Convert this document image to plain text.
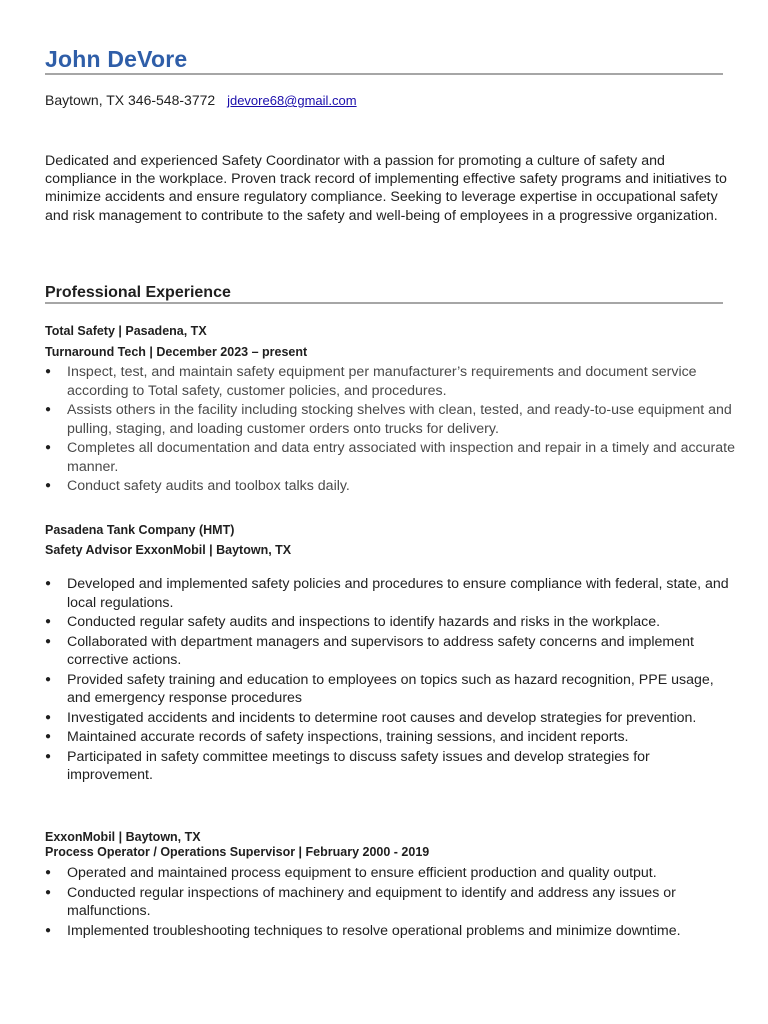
John DeVore
Baytown, TX 346-548-3772 jdevore68@gmail.com

Dedicated and experienced Safety Coordinator with a passion for promoting a culture of safety and compliance in the workplace. Proven track record of implementing effective safety programs and initiatives to minimize accidents and ensure regulatory compliance. Seeking to leverage expertise in occupational safety and risk management to contribute to the safety and well-being of employees in a progressive organization.

Professional Experience
Total Safety | Pasadena, TX
Turnaround Tech | December 2023 – present
● Inspect, test, and maintain safety equipment per manufacturer’s requirements and document service according to Total safety, customer policies, and procedures.
● Assists others in the facility including stocking shelves with clean, tested, and ready-to-use equipment and pulling, staging, and loading customer orders onto trucks for delivery.
● Completes all documentation and data entry associated with inspection and repair in a timely and accurate manner.
● Conduct safety audits and toolbox talks daily.
Pasadena Tank Company (HMT)
Safety Advisor ExxonMobil | Baytown, TX
● Developed and implemented safety policies and procedures to ensure compliance with federal, state, and local regulations.
● Conducted regular safety audits and inspections to identify hazards and risks in the workplace.
● Collaborated with department managers and supervisors to address safety concerns and implement corrective actions.
● Provided safety training and education to employees on topics such as hazard recognition, PPE usage, and emergency response procedures
● Investigated accidents and incidents to determine root causes and develop strategies for prevention.
● Maintained accurate records of safety inspections, training sessions, and incident reports.
● Participated in safety committee meetings to discuss safety issues and develop strategies for improvement.
ExxonMobil | Baytown, TX
Process Operator / Operations Supervisor | February 2000 - 2019
● Operated and maintained process equipment to ensure efficient production and quality output.
● Conducted regular inspections of machinery and equipment to identify and address any issues or malfunctions.
● Implemented troubleshooting techniques to resolve operational problems and minimize downtime.
